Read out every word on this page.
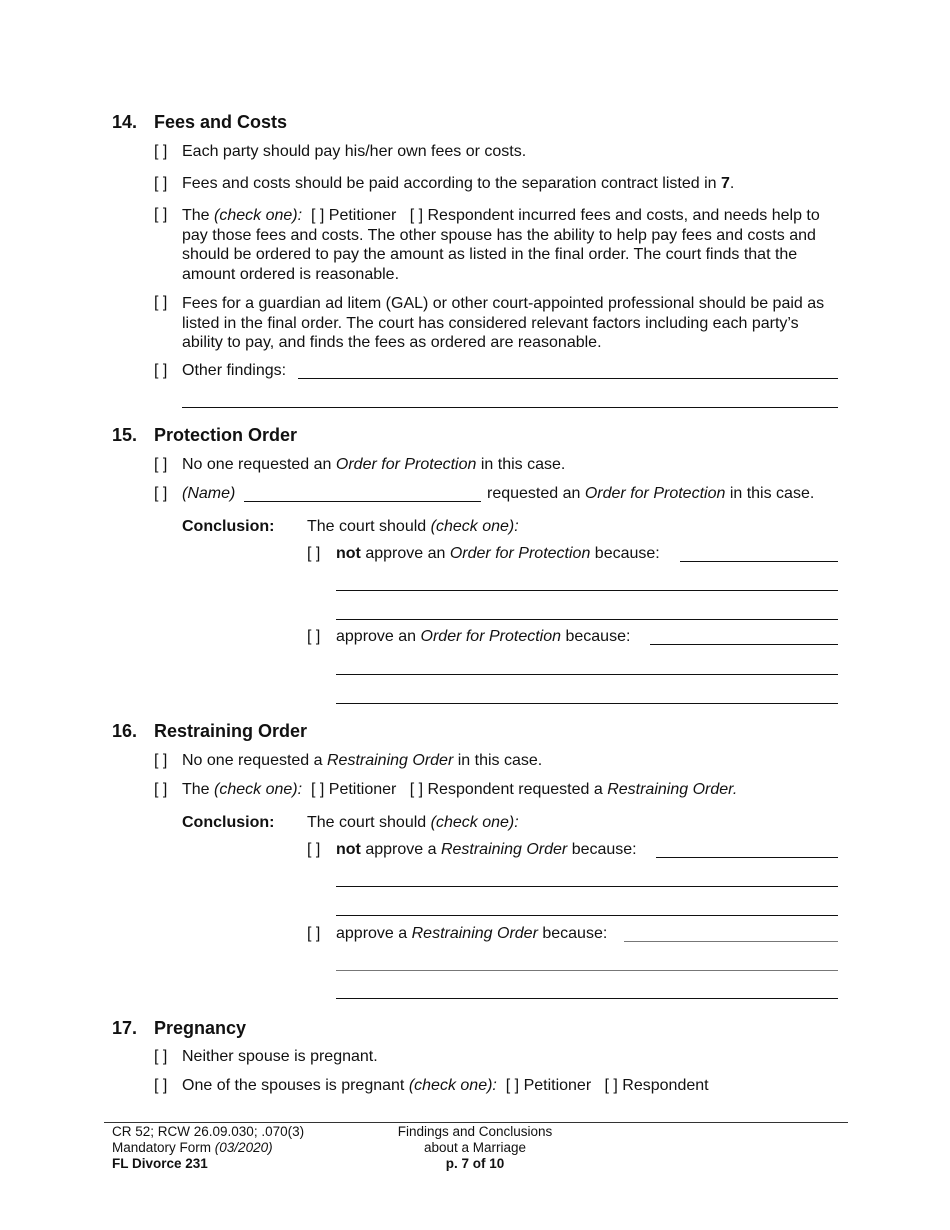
14. Fees and Costs
[ ] Each party should pay his/her own fees or costs.
[ ] Fees and costs should be paid according to the separation contract listed in 7.
[ ] The (check one): [ ] Petitioner [ ] Respondent incurred fees and costs, and needs help to pay those fees and costs. The other spouse has the ability to help pay fees and costs and should be ordered to pay the amount as listed in the final order. The court finds that the amount ordered is reasonable.
[ ] Fees for a guardian ad litem (GAL) or other court-appointed professional should be paid as listed in the final order. The court has considered relevant factors including each party’s ability to pay, and finds the fees as ordered are reasonable.
[ ] Other findings:
15. Protection Order
[ ] No one requested an Order for Protection in this case.
[ ] (Name)	requested an Order for Protection in this case.
Conclusion: The court should (check one):
[ ] not approve an Order for Protection because:
[ ] approve an Order for Protection because:
16. Restraining Order
[ ] No one requested a Restraining Order in this case.
[ ] The (check one): [ ] Petitioner [ ] Respondent requested a Restraining Order.
Conclusion: The court should (check one):
[ ] not approve a Restraining Order because:
[ ] approve a Restraining Order because:
17. Pregnancy
[ ] Neither spouse is pregnant.
[ ] One of the spouses is pregnant (check one): [ ] Petitioner [ ] Respondent
CR 52; RCW 26.09.030; .070(3)
Mandatory Form (03/2020)
FL Divorce 231
Findings and Conclusions
about a Marriage
p. 7 of 10
